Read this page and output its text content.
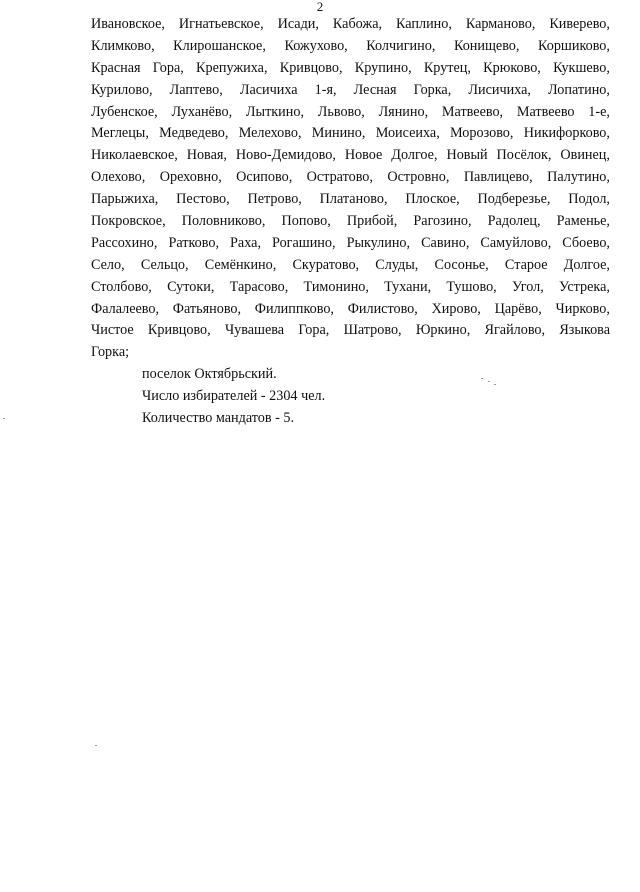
2
Ивановское, Игнатьевское, Исади, Кабожа, Каплино, Карманово, Киверево,
Климково, Клирошанское, Кожухово, Колчигино, Конищево, Коршиково,
Красная Гора, Крепужиха, Кривцово, Крупино, Крутец, Крюково, Кукшево,
Курилово, Лаптево, Ласичиха 1-я, Лесная Горка, Лисичиха, Лопатино,
Лубенское, Луханёво, Лыткино, Львово, Лянино, Матвеево, Матвеево 1-е,
Меглецы, Медведево, Мелехово, Минино, Моисеиха, Морозово, Никифорково,
Николаевское, Новая, Ново-Демидово, Новое Долгое, Новый Посёлок, Овинец,
Олехово, Ореховно, Осипово, Остратово, Островно, Павлицево, Палутино,
Парыжиха, Пестово, Петрово, Платаново, Плоское, Подберезье, Подол,
Покровское, Половниково, Попово, Прибой, Рагозино, Радолец, Раменье,
Рассохино, Ратково, Раха, Рогашино, Рыкулино, Савино, Самуйлово, Сбоево,
Село, Сельцо, Семёнкино, Скуратово, Слуды, Сосонье, Старое Долгое,
Столбово, Сутоки, Тарасово, Тимонино, Тухани, Тушово, Угол, Устрека,
Фалалеево, Фатьяново, Филиппково, Филистово, Хирово, Царёво, Чирково,
Чистое Кривцово, Чувашева Гора, Шатрово, Юркино, Ягайлово, Языкова
Горка;
поселок Октябрьский.
Число избирателей - 2304 чел.
Количество мандатов - 5.
